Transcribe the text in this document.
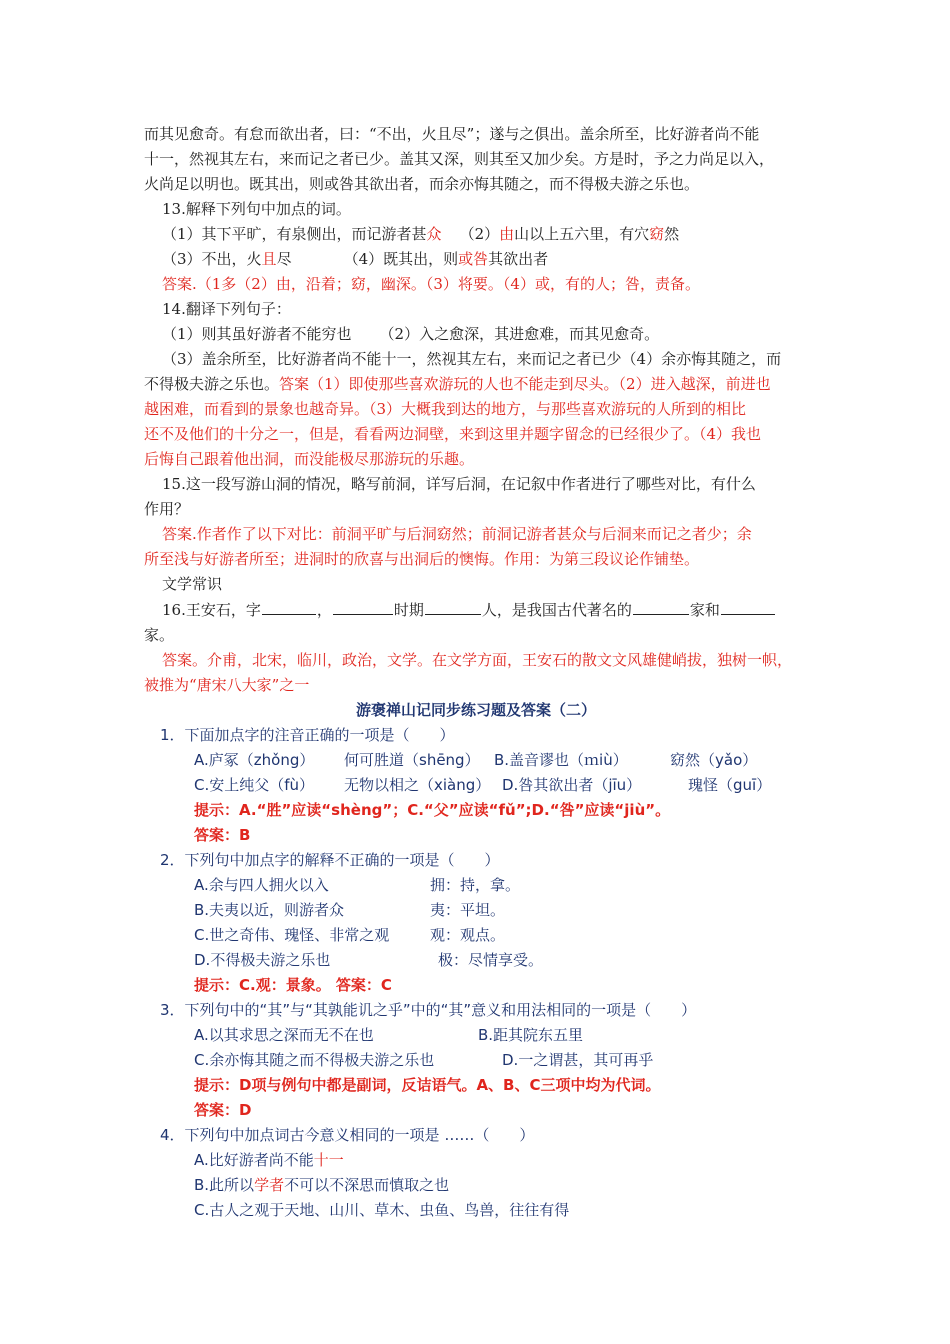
而其见愈奇。有怠而欲出者，曰：“不出，火且尽”；遂与之俱出。盖余所至，比好游者尚不能

十一，然视其左右，来而记之者已少。盖其又深，则其至又加少矣。方是时，予之力尚足以入，

火尚足以明也。既其出，则或咎其欲出者，而余亦悔其随之，而不得极夫游之乐也。

13.解释下列句中加点的词。

（1）其下平旷，有泉侧出，而记游者甚众 （2）由山以上五六里，有穴窈然

（3）不出，火且尽	（4）既其出，则或咎其欲出者

答案.（1多（2）由，沿着；窈，幽深。（3）将要。（4）或，有的人；咎，责备。

14.翻译下列句子：

（1）则其虽好游者不能穷也 （2）入之愈深，其进愈难，而其见愈奇。

（3）盖余所至，比好游者尚不能十一，然视其左右，来而记之者已少（4）余亦悔其随之，而

不得极夫游之乐也。答案（1）即使那些喜欢游玩的人也不能走到尽头。（2）进入越深，前进也

越困难，而看到的景象也越奇异。（3）大概我到达的地方，与那些喜欢游玩的人所到的相比

还不及他们的十分之一，但是，看看两边洞壁，来到这里并题字留念的已经很少了。（4）我也

后悔自己跟着他出洞，而没能极尽那游玩的乐趣。

15.这一段写游山洞的情况，略写前洞，详写后洞，在记叙中作者进行了哪些对比，有什么

作用？

答案.作者作了以下对比：前洞平旷与后洞窈然；前洞记游者甚众与后洞来而记之者少；余

所至浅与好游者所至；进洞时的欣喜与出洞后的懊悔。作用：为第三段议论作铺垫。

文学常识

16.王安石，字	，	时期	人，是我国古代著名的	家和

家。

答案。介甫，北宋，临川，政治，文学。在文学方面，王安石的散文文风雄健峭拔，独树一帜，

被推为“唐宋八大家”之一

游褒禅山记同步练习题及答案（二）

1．下面加点字的注音正确的一项是（　　）

A.庐冢（zhǒng） 何可胜道（shēng） B.盖音谬也（ｍiù）	窈然（yǎo）

C.安上纯父（fù） 无物以相之（xiàng） D.咎其欲出者（jīu）	瑰怪（guī）

提示：A.“胜”应读“shèng”；C.“父”应读“fǔ”;D.“咎”应读“jiù”。

答案：B

2．下列句中加点字的解释不正确的一项是（　　）

A.余与四人拥火以入	拥：持，拿。

B.夫夷以近，则游者众	夷：平坦。

C.世之奇伟、瑰怪、非常之观	观：观点。

D.不得极夫游之乐也	极：尽情享受。

提示：C.观：景象。 答案：C

3．下列句中的“其”与“其孰能讥之乎”中的“其”意义和用法相同的一项是（　　）

A.以其求思之深而无不在也	B.距其院东五里

C.余亦悔其随之而不得极夫游之乐也	D.一之谓甚，其可再乎

提示：D项与例句中都是副词，反诘语气。A、B、C三项中均为代词。

答案：D

4．下列句中加点词古今意义相同的一项是 ……（　　）

A.比好游者尚不能十一

B.此所以学者不可以不深思而慎取之也

C.古人之观于天地、山川、草木、虫鱼、鸟兽，往往有得
